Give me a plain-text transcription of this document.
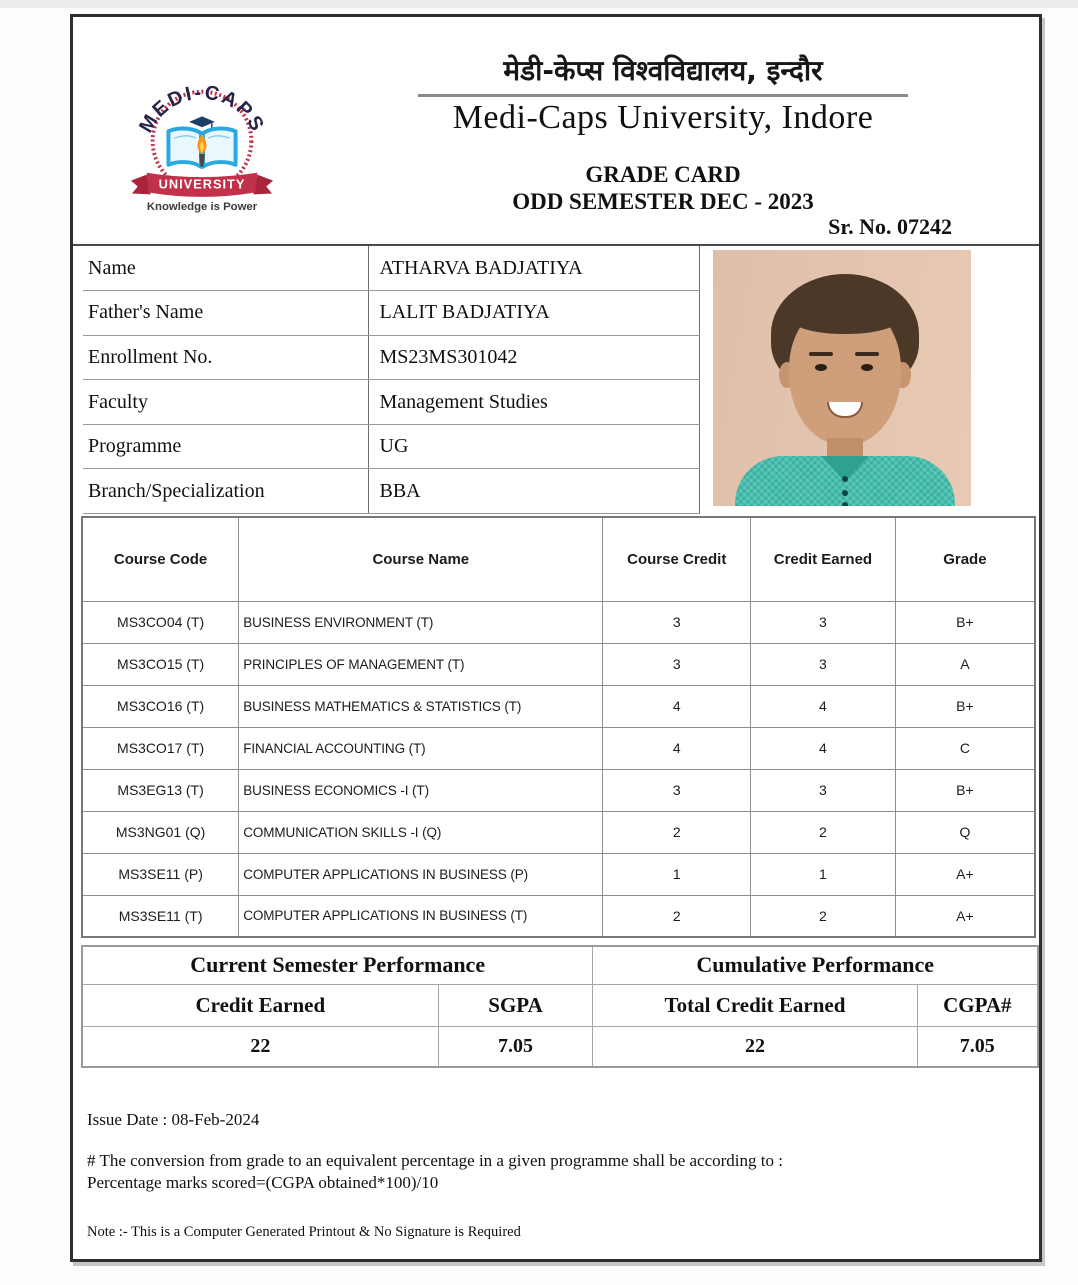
MEDI-CAPS
UNIVERSITY
Knowledge is Power
मेडी-केप्स विश्वविद्यालय, इन्दौर
Medi-Caps University, Indore
GRADE CARD
ODD SEMESTER DEC - 2023
Sr. No. 07242
Name	ATHARVA BADJATIYA
Father's Name	LALIT BADJATIYA
Enrollment No.	MS23MS301042
Faculty	Management Studies
Programme	UG
Branch/Specialization	BBA
Course Code	Course Name	Course Credit	Credit Earned	Grade
MS3CO04 (T)	BUSINESS ENVIRONMENT (T)	3	3	B+
MS3CO15 (T)	PRINCIPLES OF MANAGEMENT (T)	3	3	A
MS3CO16 (T)	BUSINESS MATHEMATICS & STATISTICS (T)	4	4	B+
MS3CO17 (T)	FINANCIAL ACCOUNTING (T)	4	4	C
MS3EG13 (T)	BUSINESS ECONOMICS -I (T)	3	3	B+
MS3NG01 (Q)	COMMUNICATION SKILLS -I (Q)	2	2	Q
MS3SE11 (P)	COMPUTER APPLICATIONS IN BUSINESS (P)	1	1	A+
MS3SE11 (T)	COMPUTER APPLICATIONS IN BUSINESS (T)	2	2	A+
Current Semester Performance		Cumulative Performance	
Credit Earned	SGPA	Total Credit Earned	CGPA#
22	7.05	22	7.05
Issue Date : 08-Feb-2024
# The conversion from grade to an equivalent percentage in a given programme shall be according to :
Percentage marks scored=(CGPA obtained*100)/10
Note :- This is a Computer Generated Printout & No Signature is Required
